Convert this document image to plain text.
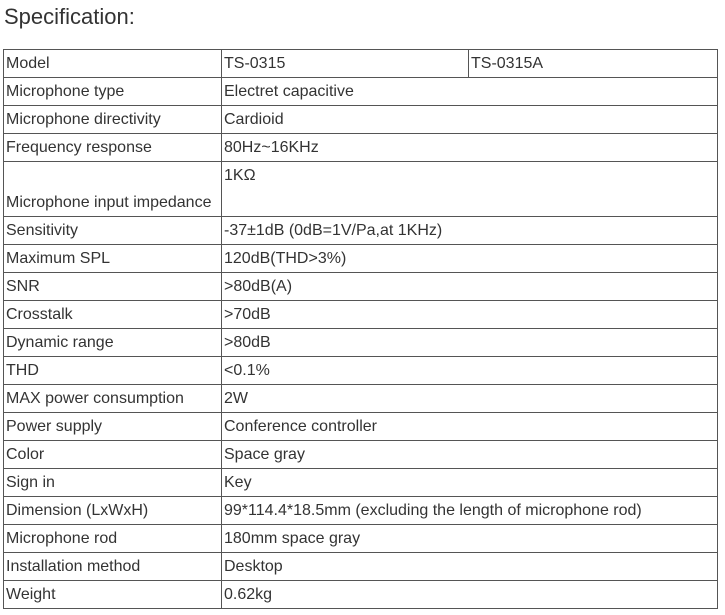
Specification:
Model	TS-0315	TS-0315A
Microphone type	Electret capacitive	
Microphone directivity	Cardioid	
Frequency response	80Hz~16KHz	
Microphone input impedance	1KΩ	
Sensitivity	-37±1dB (0dB=1V/Pa,at 1KHz)	
Maximum SPL	120dB(THD>3%)	
SNR	>80dB(A)	
Crosstalk	>70dB	
Dynamic range	>80dB	
THD	<0.1%	
MAX power consumption	2W	
Power supply	Conference controller	
Color	Space gray	
Sign in	Key	
Dimension (LxWxH)	99*114.4*18.5mm (excluding the length of microphone rod)	
Microphone rod	180mm space gray	
Installation method	Desktop	
Weight	0.62kg	
